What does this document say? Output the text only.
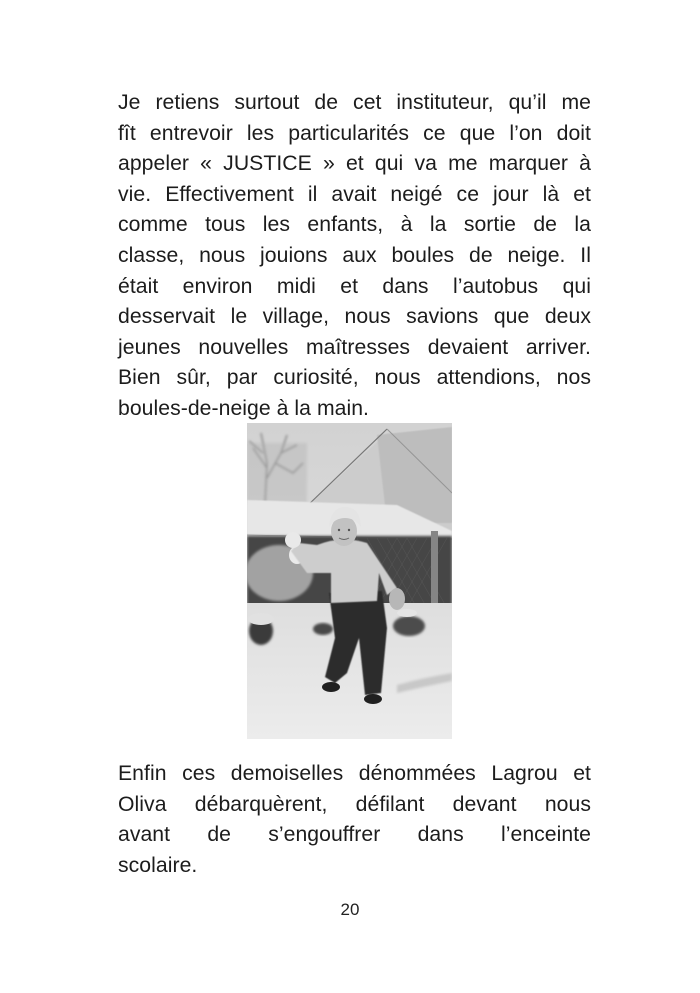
Je retiens surtout de cet instituteur, qu’il me
fît entrevoir les particularités ce que l’on doit
appeler « JUSTICE » et qui va me marquer à
vie. Effectivement il avait neigé ce jour là et
comme tous les enfants, à la sortie de la
classe, nous jouions aux boules de neige. Il
était environ midi et dans l’autobus qui
desservait le village, nous savions que deux
jeunes nouvelles maîtresses devaient arriver.
Bien sûr, par curiosité, nous attendions, nos
boules-de-neige à la main.
Enfin ces demoiselles dénommées Lagrou et
Oliva débarquèrent, défilant devant nous
avant de s’engouffrer dans l’enceinte
scolaire.
20
